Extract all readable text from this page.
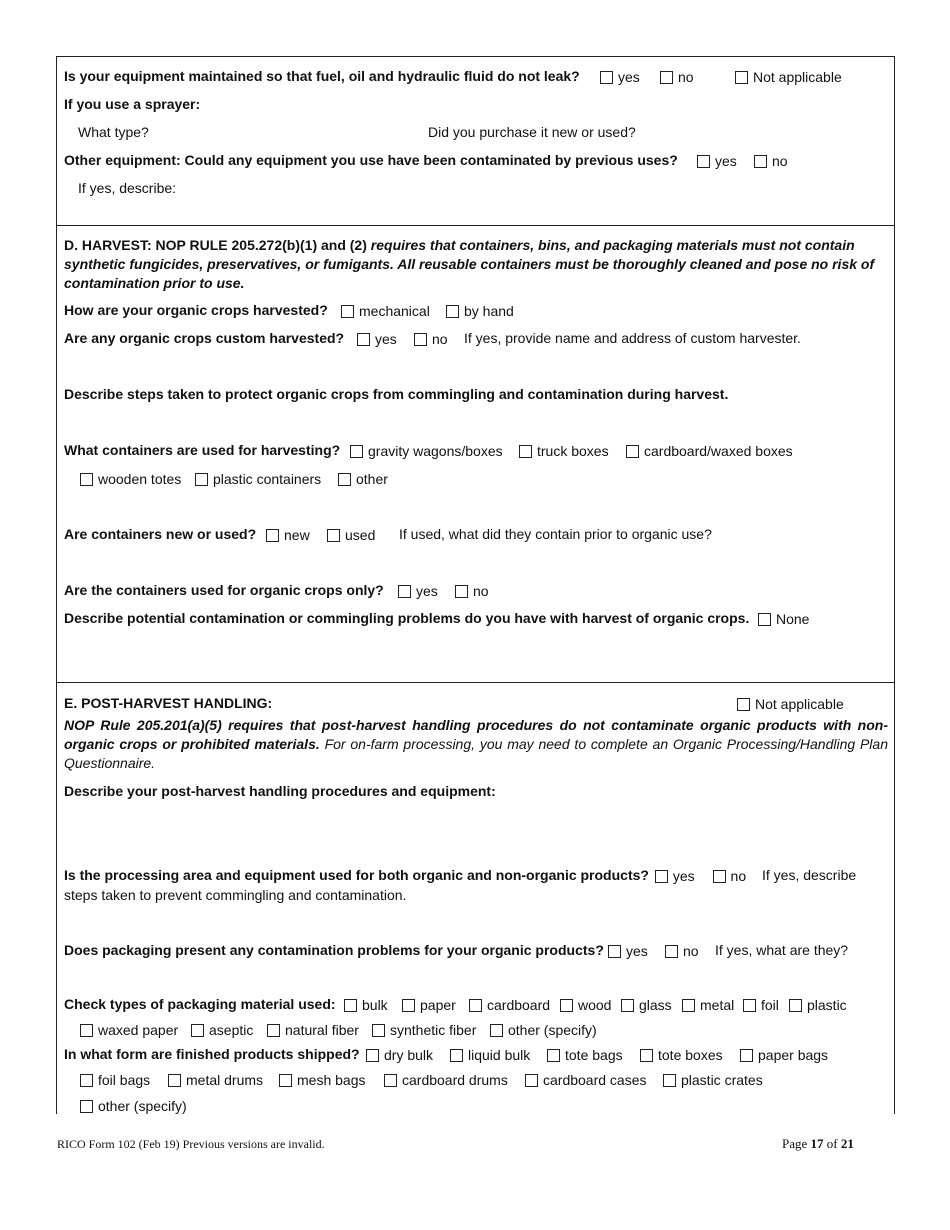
Is your equipment maintained so that fuel, oil and hydraulic fluid do not leak?	yes	no	Not applicable
If you use a sprayer:
What type?	Did you purchase it new or used?
Other equipment: Could any equipment you use have been contaminated by previous uses?	yes	no
If yes, describe:
D. HARVEST: NOP RULE 205.272(b)(1) and (2) requires that containers, bins, and packaging materials must not contain synthetic fungicides, preservatives, or fumigants. All reusable containers must be thoroughly cleaned and pose no risk of contamination prior to use.
How are your organic crops harvested? mechanical by hand
Are any organic crops custom harvested? yes	no If yes, provide name and address of custom harvester.
Describe steps taken to protect organic crops from commingling and contamination during harvest.
What containers are used for harvesting? gravity wagons/boxes truck boxes	cardboard/waxed boxes
wooden totes plastic containers other
Are containers new or used? new	used If used, what did they contain prior to organic use?
Are the containers used for organic crops only? yes	no
Describe potential contamination or commingling problems do you have with harvest of organic crops. None
E. POST-HARVEST HANDLING:	Not applicable
NOP Rule 205.201(a)(5) requires that post-harvest handling procedures do not contaminate organic products with non-organic crops or prohibited materials. For on-farm processing, you may need to complete an Organic Processing/Handling Plan Questionnaire.
Describe your post-harvest handling procedures and equipment:
Is the processing area and equipment used for both organic and non-organic products? yes
	no If yes, describe steps taken to prevent commingling and contamination.
Does packaging present any contamination problems for your organic products? yes	no If yes, what are they?
Check types of packaging material used: bulk paper cardboard wood glass metal foil plastic
waxed paper aseptic natural fiber synthetic fiber other (specify)
In what form are finished products shipped? dry bulk liquid bulk tote bags	tote boxes	paper bags
foil bags	metal drums mesh bags	cardboard drums	cardboard cases plastic crates
other (specify)
RICO Form 102 (Feb 19) Previous versions are invalid.	Page 17 of 21
